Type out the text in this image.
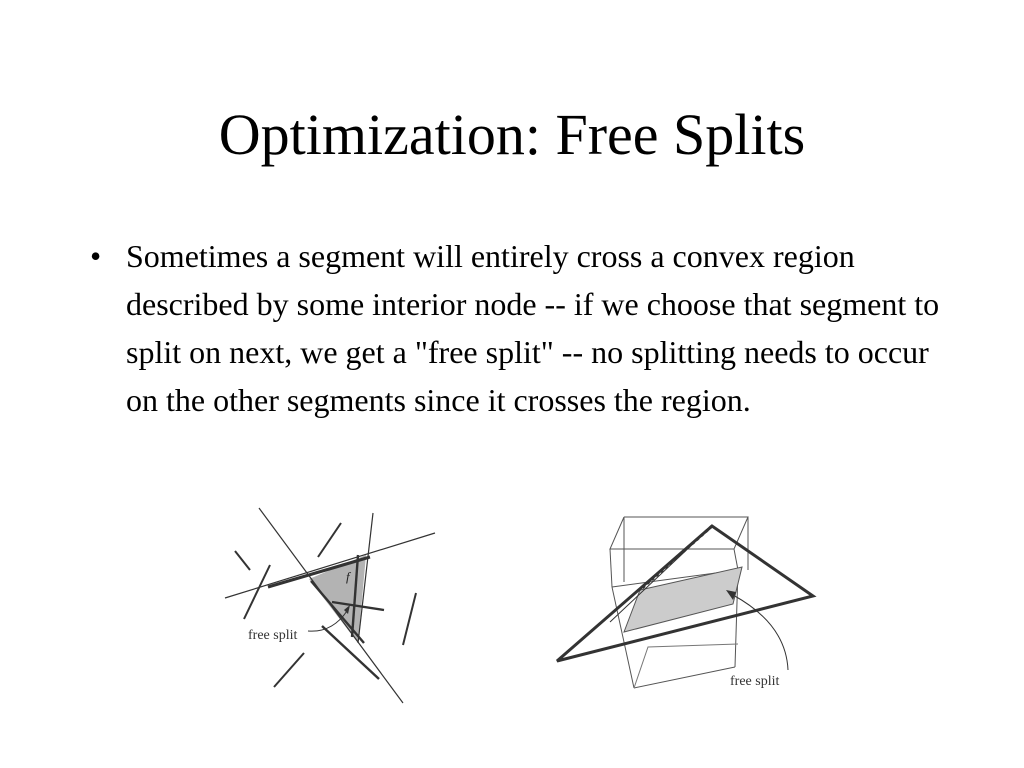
Optimization: Free Splits
• Sometimes a segment will entirely cross a convex region described by some interior node -- if we choose that segment to split on next, we get a "free split" -- no splitting needs to occur on the other segments since it crosses the region.
f
free split
free split
